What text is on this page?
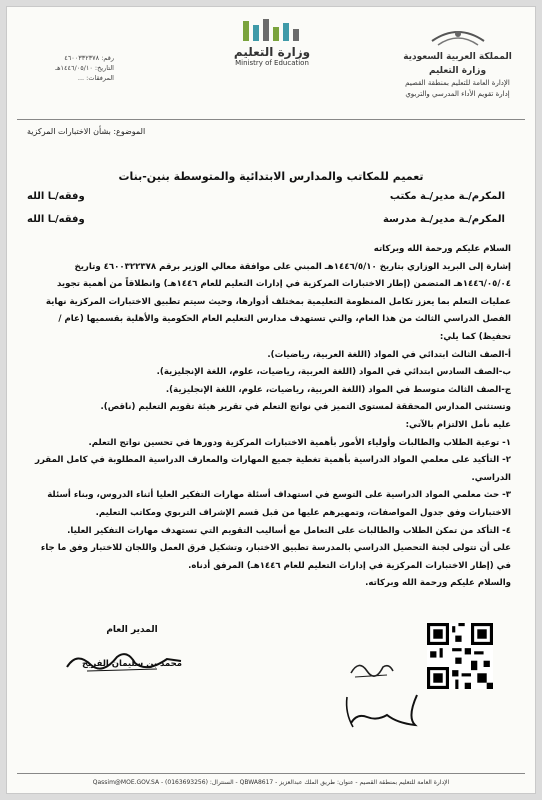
المملكة العربية السعودية
وزارة التعليم
الإدارة العامة للتعليم بمنطقة القصيم
إدارة تقويم الأداء المدرسي والتربوي
وزارة التعليم
Ministry of Education
رقم: ٤٦٠٠٣٣٢٣٧٨
التاريخ: ١٤٤٦/٠٥/١٠هـ
المرفقات: ...
الموضوع: بشأن الاختبارات المركزية
تعميم للمكاتب والمدارس الابتدائية والمتوسطة بنين-بنات
المكرم/ـة مدير/ـة مكتب
وفقه/ـا الله
المكرم/ـة مدير/ـة مدرسة
وفقه/ـا الله

السلام عليكم ورحمة الله وبركاته

إشارة إلى البريد الوزاري بتاريخ ١٤٤٦/٥/١٠هـ المبني على موافقة معالي الوزير برقم ٤٦٠٠٣٢٢٣٧٨ وتاريخ ١٤٤٦/٠٥/٠٤هـ المتضمن (إطار الاختبارات المركزية في إدارات التعليم للعام ١٤٤٦هـ) وانطلاقاً من أهمية تجويد عمليات التعلم بما يعزز تكامل المنظومة التعليمية بمختلف أدوارها، وحيث سيتم تطبيق الاختبارات المركزية نهاية الفصل الدراسي الثالث من هذا العام، والتي تستهدف مدارس التعليم العام الحكومية والأهلية بقسميها (عام / تحفيظ) كما يلي:

أ-الصف الثالث ابتدائي في المواد (اللغة العربية، رياضيات).

ب-الصف السادس ابتدائي في المواد (اللغة العربية، رياضيات، علوم، اللغة الإنجليزية).

ج-الصف الثالث متوسط في المواد (اللغة العربية، رياضيات، علوم، اللغة الإنجليزية).

وتستثنى المدارس المحققة لمستوى التميز في نواتج التعلم في تقرير هيئة تقويم التعليم (ناقص).

عليه نأمل الالتزام بالآتي:

١- توعية الطلاب والطالبات وأولياء الأمور بأهمية الاختبارات المركزية ودورها في تحسين نواتج التعلم.

٢- التأكيد على معلمي المواد الدراسية بأهمية تغطية جميع المهارات والمعارف الدراسية المطلوبة في كامل المقرر الدراسي.

٣- حث معلمي المواد الدراسية على التوسع في استهداف أسئلة مهارات التفكير العليا أثناء الدروس، وبناء أسئلة الاختبارات وفق جدول المواصفات، وتمهيرهم عليها من قبل قسم الإشراف التربوي ومكاتب التعليم.

٤- التأكد من تمكن الطلاب والطالبات على التعامل مع أساليب التقويم التي تستهدف مهارات التفكير العليا.

على أن تتولى لجنة التحصيل الدراسي بالمدرسة تطبيق الاختبار، وتشكيل فرق العمل واللجان للاختبار وفق ما جاء في (إطار الاختبارات المركزية في إدارات التعليم للعام ١٤٤٦هـ) المرفق أدناه.

والسلام عليكم ورحمة الله وبركاته.

المدير العام
محمد بن سليمان الفريح
الإدارة العامة للتعليم بمنطقة القصيم - عنوان: طريق الملك عبدالعزيز - QBWA8617 - السنترال: (0163693256) - Qassim@MOE.GOV.SA
